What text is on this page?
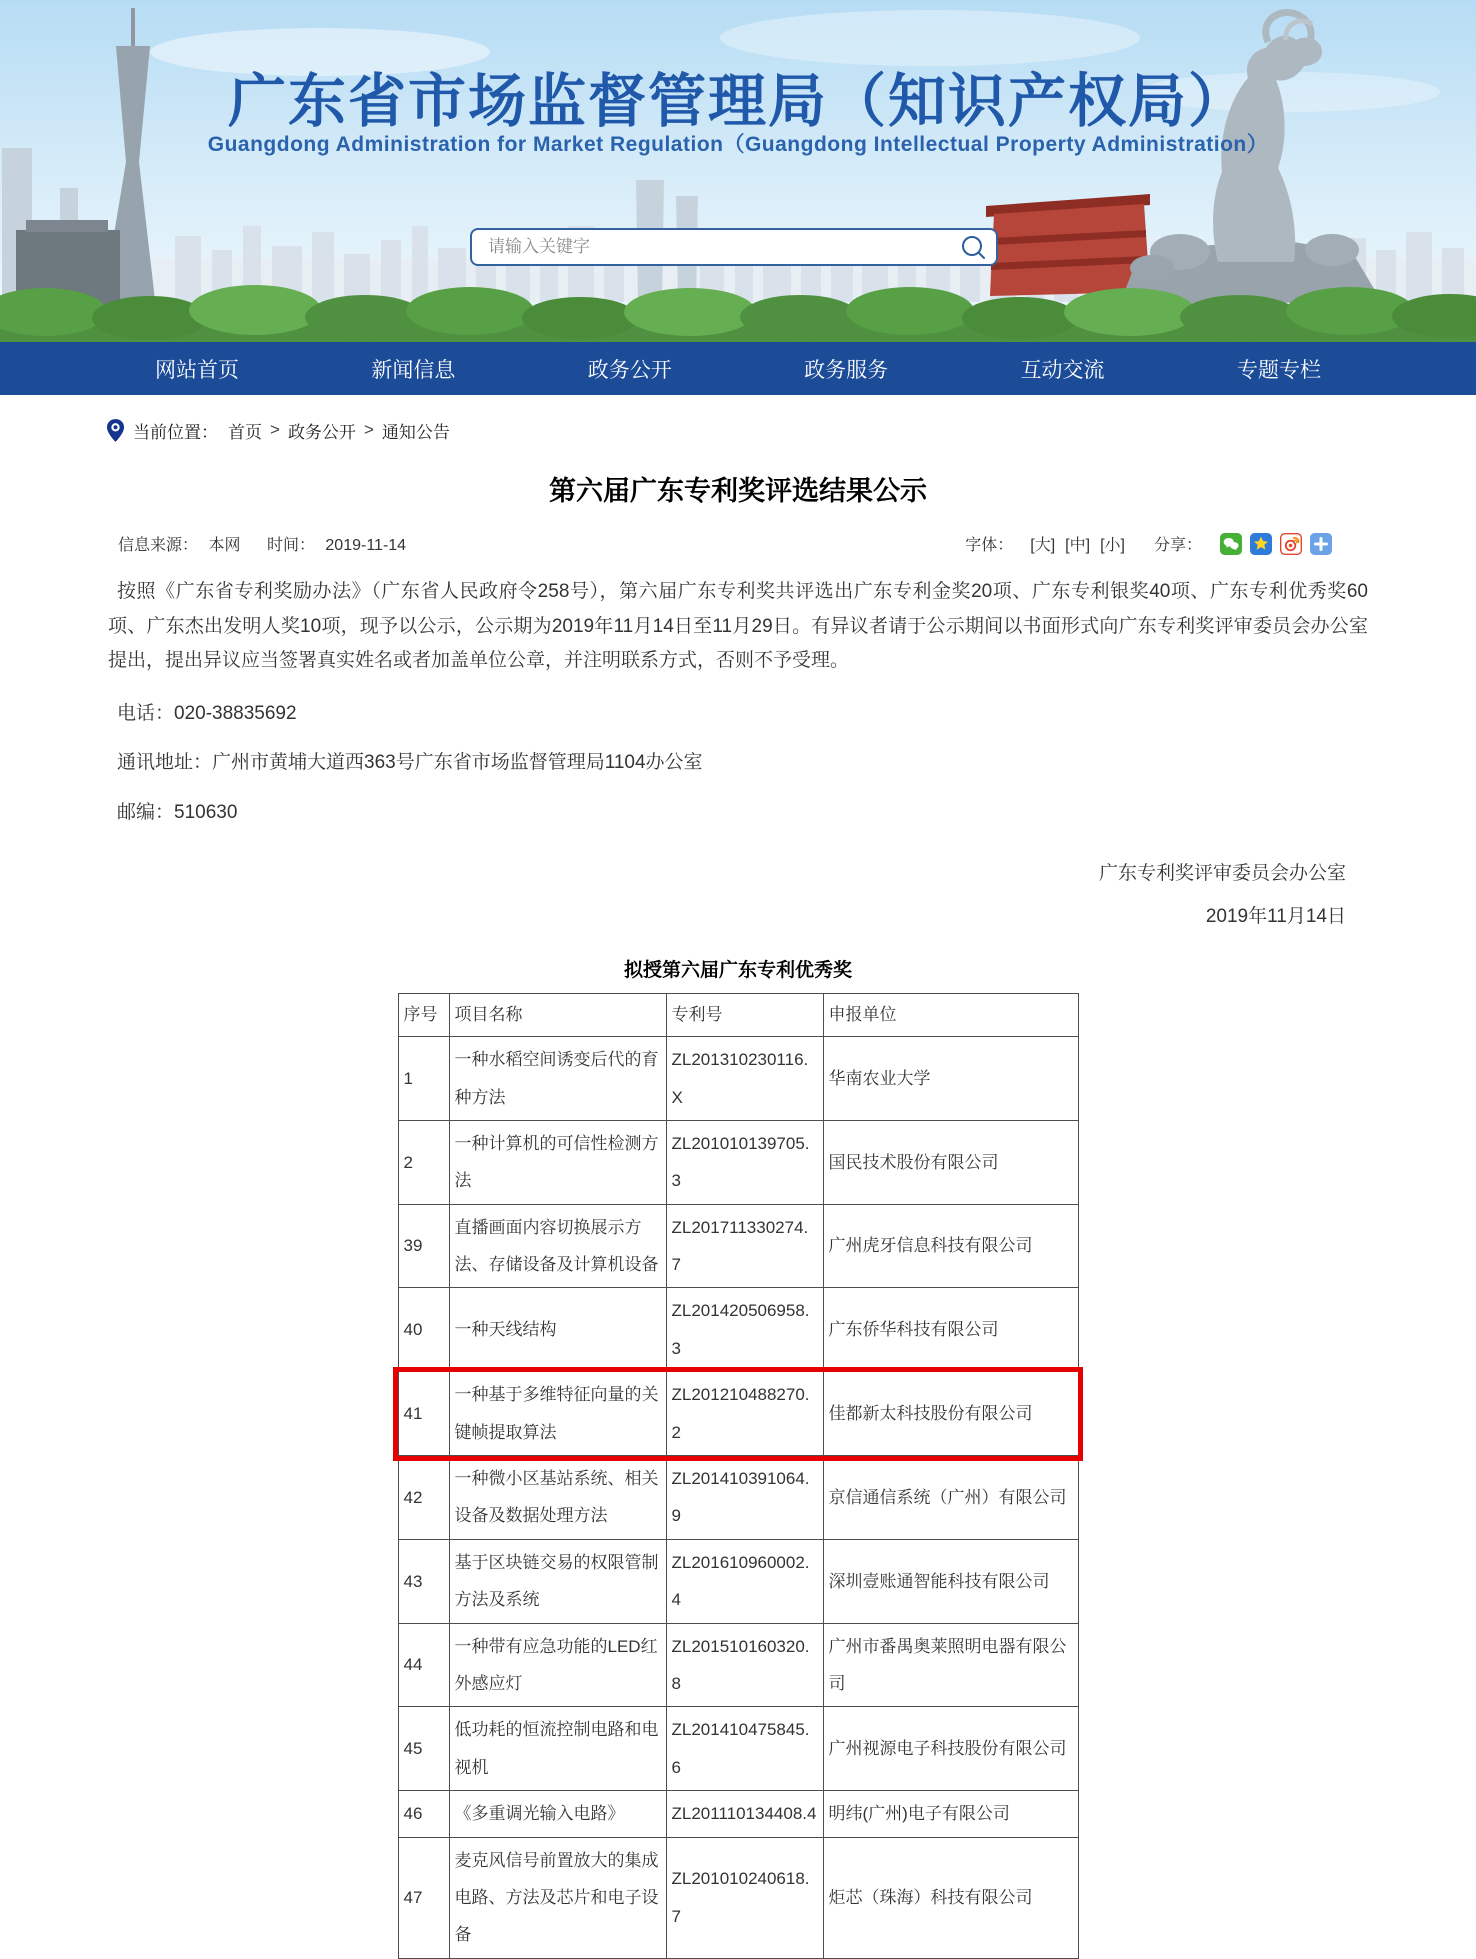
广东省市场监督管理局（知识产权局）
Guangdong Administration for Market Regulation（Guangdong Intellectual Property Administration）
请输入关键字
网站首页	新闻信息	政务公开	政务服务	互动交流	专题专栏
当前位置： 首页 > 政务公开 > 通知公告
第六届广东专利奖评选结果公示
信息来源： 本网 时间： 2019-11-14	字体： [大] [中] [小] 分享：

按照《广东省专利奖励办法》（广东省人民政府令258号），第六届广东专利奖共评选出广东专利金奖20项、广东专利银奖40项、广东专利优秀奖60项、广东杰出发明人奖10项，现予以公示，公示期为2019年11月14日至11月29日。有异议者请于公示期间以书面形式向广东专利奖评审委员会办公室提出，提出异议应当签署真实姓名或者加盖单位公章，并注明联系方式，否则不予受理。

电话：020-38835692

通讯地址：广州市黄埔大道西363号广东省市场监督管理局1104办公室

邮编：510630

广东专利奖评审委员会办公室
2019年11月14日
拟授第六届广东专利优秀奖
序号	项目名称	专利号	申报单位
1	一种水稻空间诱变后代的育种方法	ZL201310230116.X	华南农业大学
2	一种计算机的可信性检测方法	ZL201010139705.3	国民技术股份有限公司
39	直播画面内容切换展示方法、存储设备及计算机设备	ZL201711330274.7	广州虎牙信息科技有限公司
40	一种天线结构	ZL201420506958.3	广东侨华科技有限公司
41	一种基于多维特征向量的关键帧提取算法	ZL201210488270.2	佳都新太科技股份有限公司
42	一种微小区基站系统、相关设备及数据处理方法	ZL201410391064.9	京信通信系统（广州）有限公司
43	基于区块链交易的权限管制方法及系统	ZL201610960002.4	深圳壹账通智能科技有限公司
44	一种带有应急功能的LED红外感应灯	ZL201510160320.8	广州市番禺奥莱照明电器有限公司
45	低功耗的恒流控制电路和电视机	ZL201410475845.6	广州视源电子科技股份有限公司
46	《多重调光输入电路》	ZL201110134408.4	明纬(广州)电子有限公司
47	麦克风信号前置放大的集成电路、方法及芯片和电子设备	ZL201010240618.7	炬芯（珠海）科技有限公司
